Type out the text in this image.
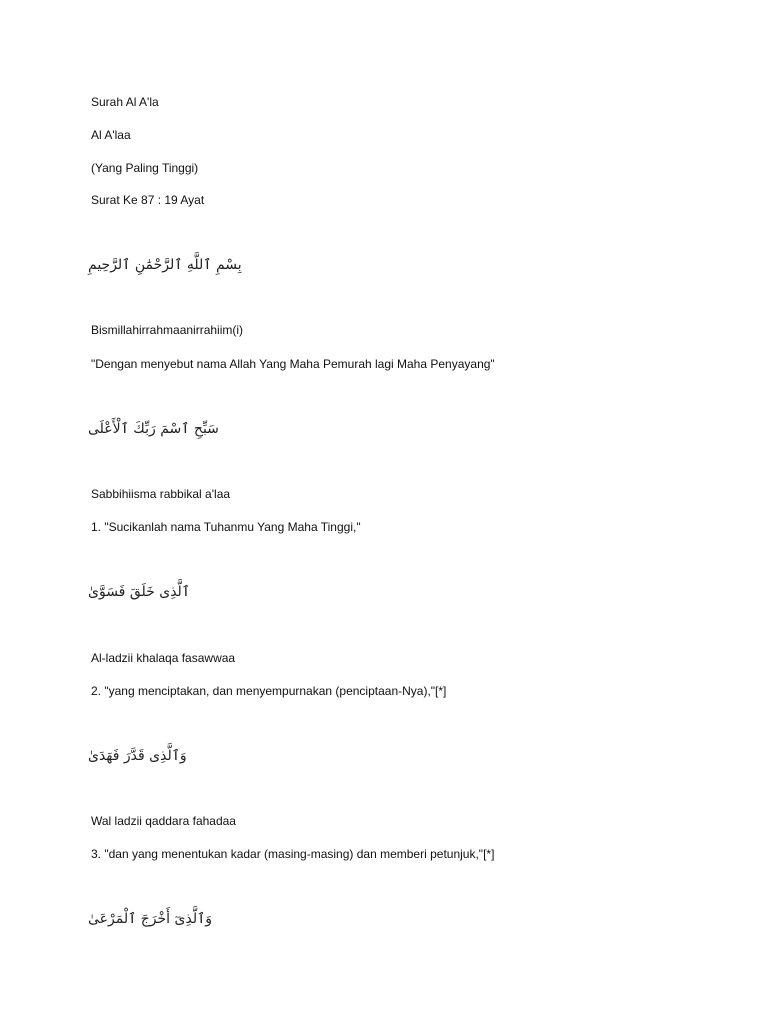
Surah Al A'la
Al A'laa
(Yang Paling Tinggi)
Surat Ke 87 : 19 Ayat
بِسْمِ ٱللَّهِ ٱلرَّحْمَٰنِ ٱلرَّحِيمِ
Bismillahirrahmaanirrahiim(i)
"Dengan menyebut nama Allah Yang Maha Pemurah lagi Maha Penyayang"
سَبِّحِ ٱسْمَ رَبِّكَ ٱلْأَعْلَى
Sabbihiisma rabbikal a'laa
1. "Sucikanlah nama Tuhanmu Yang Maha Tinggi,"
ٱلَّذِى خَلَقَ فَسَوَّىٰ
Al-ladzii khalaqa fasawwaa
2. "yang menciptakan, dan menyempurnakan (penciptaan-Nya),"[*]
وَٱلَّذِى قَدَّرَ فَهَدَىٰ
Wal ladzii qaddara fahadaa
3. "dan yang menentukan kadar (masing-masing) dan memberi petunjuk,"[*]
وَٱلَّذِىٓ أَخْرَجَ ٱلْمَرْعَىٰ
